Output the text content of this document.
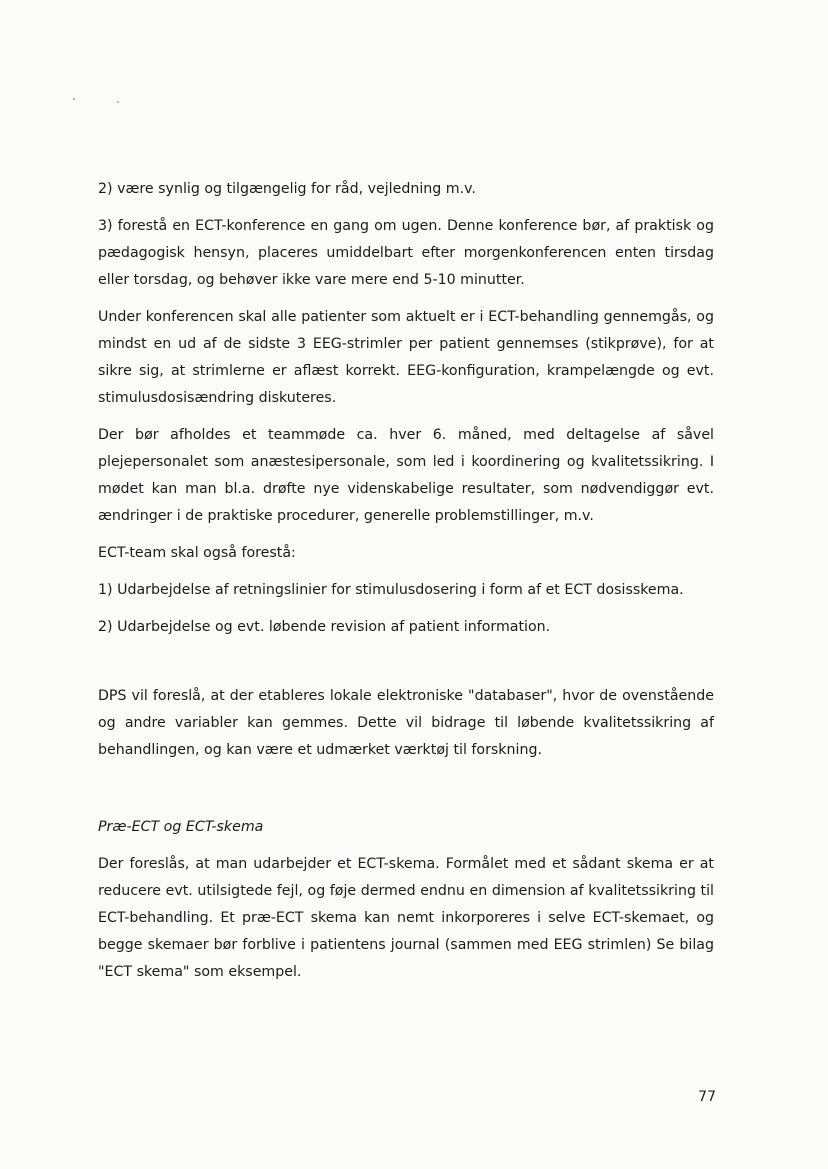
2) være synlig og tilgængelig for råd, vejledning m.v.

3) forestå en ECT-konference en gang om ugen. Denne konference bør, af praktisk og pædagogisk hensyn, placeres umiddelbart efter morgenkonferencen enten tirsdag eller torsdag, og behøver ikke vare mere end 5-10 minutter.

Under konferencen skal alle patienter som aktuelt er i ECT-behandling gennemgås, og mindst en ud af de sidste 3 EEG-strimler per patient gennemses (stikprøve), for at sikre sig, at strimlerne er aflæst korrekt. EEG-konfiguration, krampelængde og evt. stimulusdosisændring diskuteres.

Der bør afholdes et teammøde ca. hver 6. måned, med deltagelse af såvel plejepersonalet som anæstesipersonale, som led i koordinering og kvalitetssikring. I mødet kan man bl.a. drøfte nye videnskabelige resultater, som nødvendiggør evt. ændringer i de praktiske procedurer, generelle problemstillinger, m.v.

ECT-team skal også forestå:

1) Udarbejdelse af retningslinier for stimulusdosering i form af et ECT dosisskema.

2) Udarbejdelse og evt. løbende revision af patient information.

DPS vil foreslå, at der etableres lokale elektroniske "databaser", hvor de ovenstående og andre variabler kan gemmes. Dette vil bidrage til løbende kvalitetssikring af behandlingen, og kan være et udmærket værktøj til forskning.

Præ-ECT og ECT-skema

Der foreslås, at man udarbejder et ECT-skema. Formålet med et sådant skema er at reducere evt. utilsigtede fejl, og føje dermed endnu en dimension af kvalitetssikring til ECT-behandling. Et præ-ECT skema kan nemt inkorporeres i selve ECT-skemaet, og begge skemaer bør forblive i patientens journal (sammen med EEG strimlen) Se bilag "ECT skema" som eksempel.

77
